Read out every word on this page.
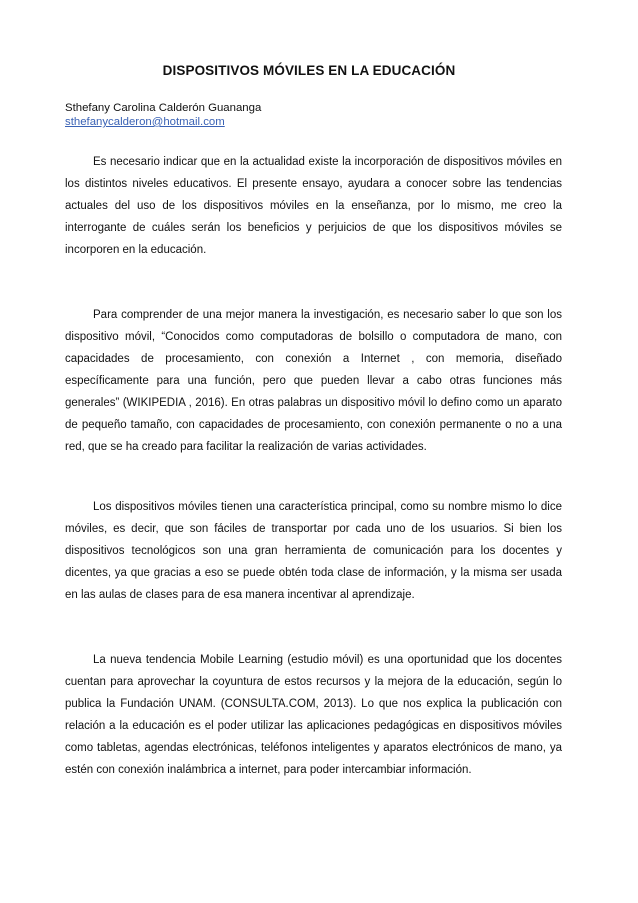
DISPOSITIVOS MÓVILES EN LA EDUCACIÓN
Sthefany Carolina Calderón Guananga
sthefanycalderon@hotmail.com

Es necesario indicar que en la actualidad existe la incorporación de dispositivos móviles en los distintos niveles educativos. El presente ensayo, ayudara a conocer sobre las tendencias actuales del uso de los dispositivos móviles en la enseñanza, por lo mismo, me creo la interrogante de cuáles serán los beneficios y perjuicios de que los dispositivos móviles se incorporen en la educación.

Para comprender de una mejor manera la investigación, es necesario saber lo que son los dispositivo móvil, “Conocidos como computadoras de bolsillo o computadora de mano, con capacidades de procesamiento, con conexión a Internet , con memoria, diseñado específicamente para una función, pero que pueden llevar a cabo otras funciones más generales” (WIKIPEDIA , 2016). En otras palabras un dispositivo móvil lo defino como un aparato de pequeño tamaño, con capacidades de procesamiento, con conexión permanente o no a una red, que se ha creado para facilitar la realización de varias actividades.

Los dispositivos móviles tienen una característica principal, como su nombre mismo lo dice móviles, es decir, que son fáciles de transportar por cada uno de los usuarios. Si bien los dispositivos tecnológicos son una gran herramienta de comunicación para los docentes y dicentes, ya que gracias a eso se puede obtén toda clase de información, y la misma ser usada en las aulas de clases para de esa manera incentivar al aprendizaje.

La nueva tendencia Mobile Learning (estudio móvil) es una oportunidad que los docentes cuentan para aprovechar la coyuntura de estos recursos y la mejora de la educación, según lo publica la Fundación UNAM. (CONSULTA.COM, 2013). Lo que nos explica la publicación con relación a la educación es el poder utilizar las aplicaciones pedagógicas en dispositivos móviles como tabletas, agendas electrónicas, teléfonos inteligentes y aparatos electrónicos de mano, ya estén con conexión inalámbrica a internet, para poder intercambiar información.
